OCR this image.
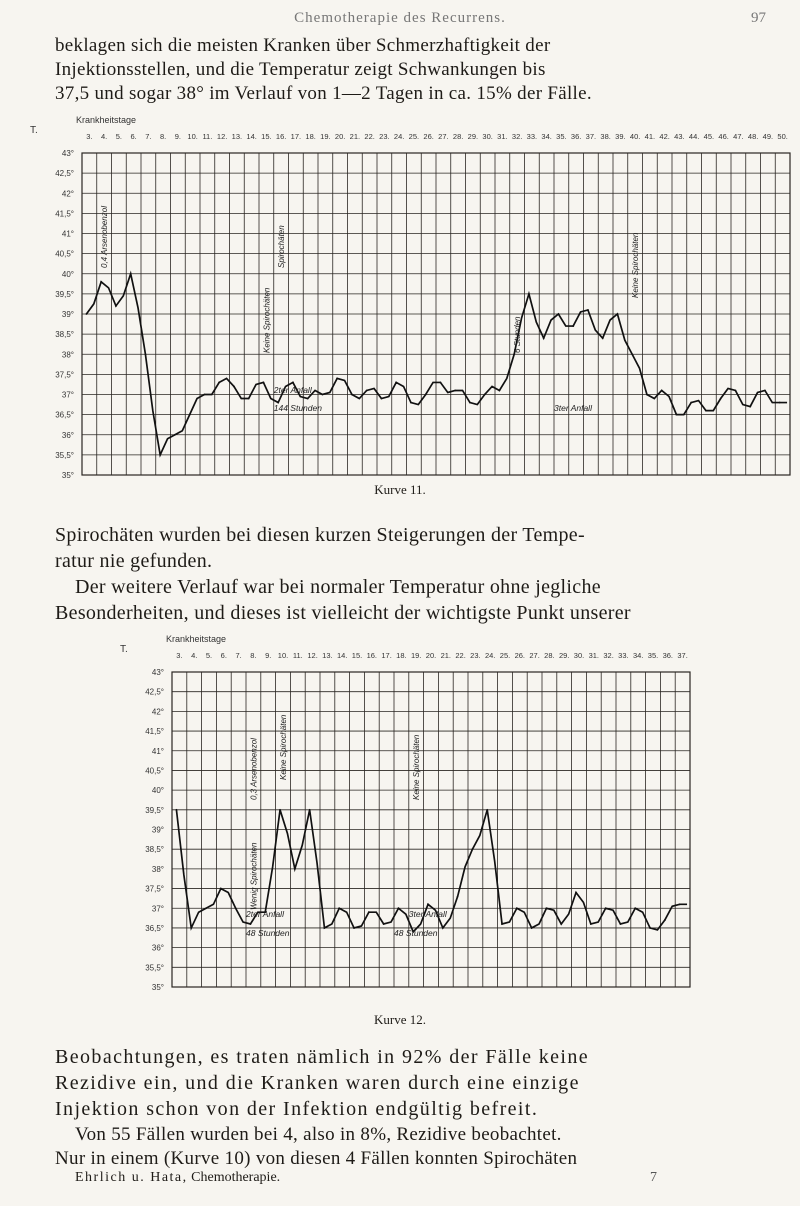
Chemotherapie des Recurrens.	97
beklagen sich die meisten Kranken über Schmerzhaftigkeit der
Injektionsstellen, und die Temperatur zeigt Schwankungen bis
37,5 und sogar 38° im Verlauf von 1—2 Tagen in ca. 15% der Fälle.
Krankheitstage
T.
3. 4. 5. 6. 7. 8. 9. 10. 11. 12. 13. 14. 15. 16. 17. 18. 19. 20. 21. 22. 23. 24. 25. 26. 27. 28. 29. 30. 31. 32. 33. 34. 35. 36. 37. 38. 39. 40. 41. 42. 43. 44. 45. 46. 47. 48. 49. 50.
43°
42,5°
42°
41,5°
41°
40,5°
40°
39,5°
39°
38,5°
38°
37,5°
37°
36,5°
36°
35,5°
35°
0,4 Arsenobenzol	Spirochäten
Keine Spirochäten
2ter Anfall
144 Stunden	3ter Anfall
6 Stunden
Keine Spirochäten
Spirochäten wurden bei diesen kurzen Steigerungen der Tempe-
ratur nie gefunden.
Der weitere Verlauf war bei normaler Temperatur ohne jegliche
Besonderheiten, und dieses ist vielleicht der wichtigste Punkt unserer
Krankheitstage
T.
3. 4. 5. 6. 7. 8. 9. 10. 11. 12. 13. 14. 15. 16. 17. 18. 19. 20. 21. 22. 23. 24. 25. 26. 27. 28. 29. 30. 31. 32. 33. 34. 35. 36. 37.
43°
42,5°
42°
41,5°
41°
40,5°
40°
39,5°
39°
38,5°
38°
37,5°
37°
36,5°
36°
35,5°
35°
Wenig Spirochäten
0,3 Arsenobenzol	Keine Spirochäten
2ter Anfall
48 Stunden
Keine Spirochäten
3ter Anfall
48 Stunden
Beobachtungen, es traten nämlich in 92% der Fälle keine
Rezidive ein, und die Kranken waren durch eine einzige
Injektion schon von der Infektion endgültig befreit.
Von 55 Fällen wurden bei 4, also in 8%, Rezidive beobachtet.
Nur in einem (Kurve 10) von diesen 4 Fällen konnten Spirochäten
Ehrlich u. Hata, Chemotherapie.	7
Kurve 11.
Kurve 12.
